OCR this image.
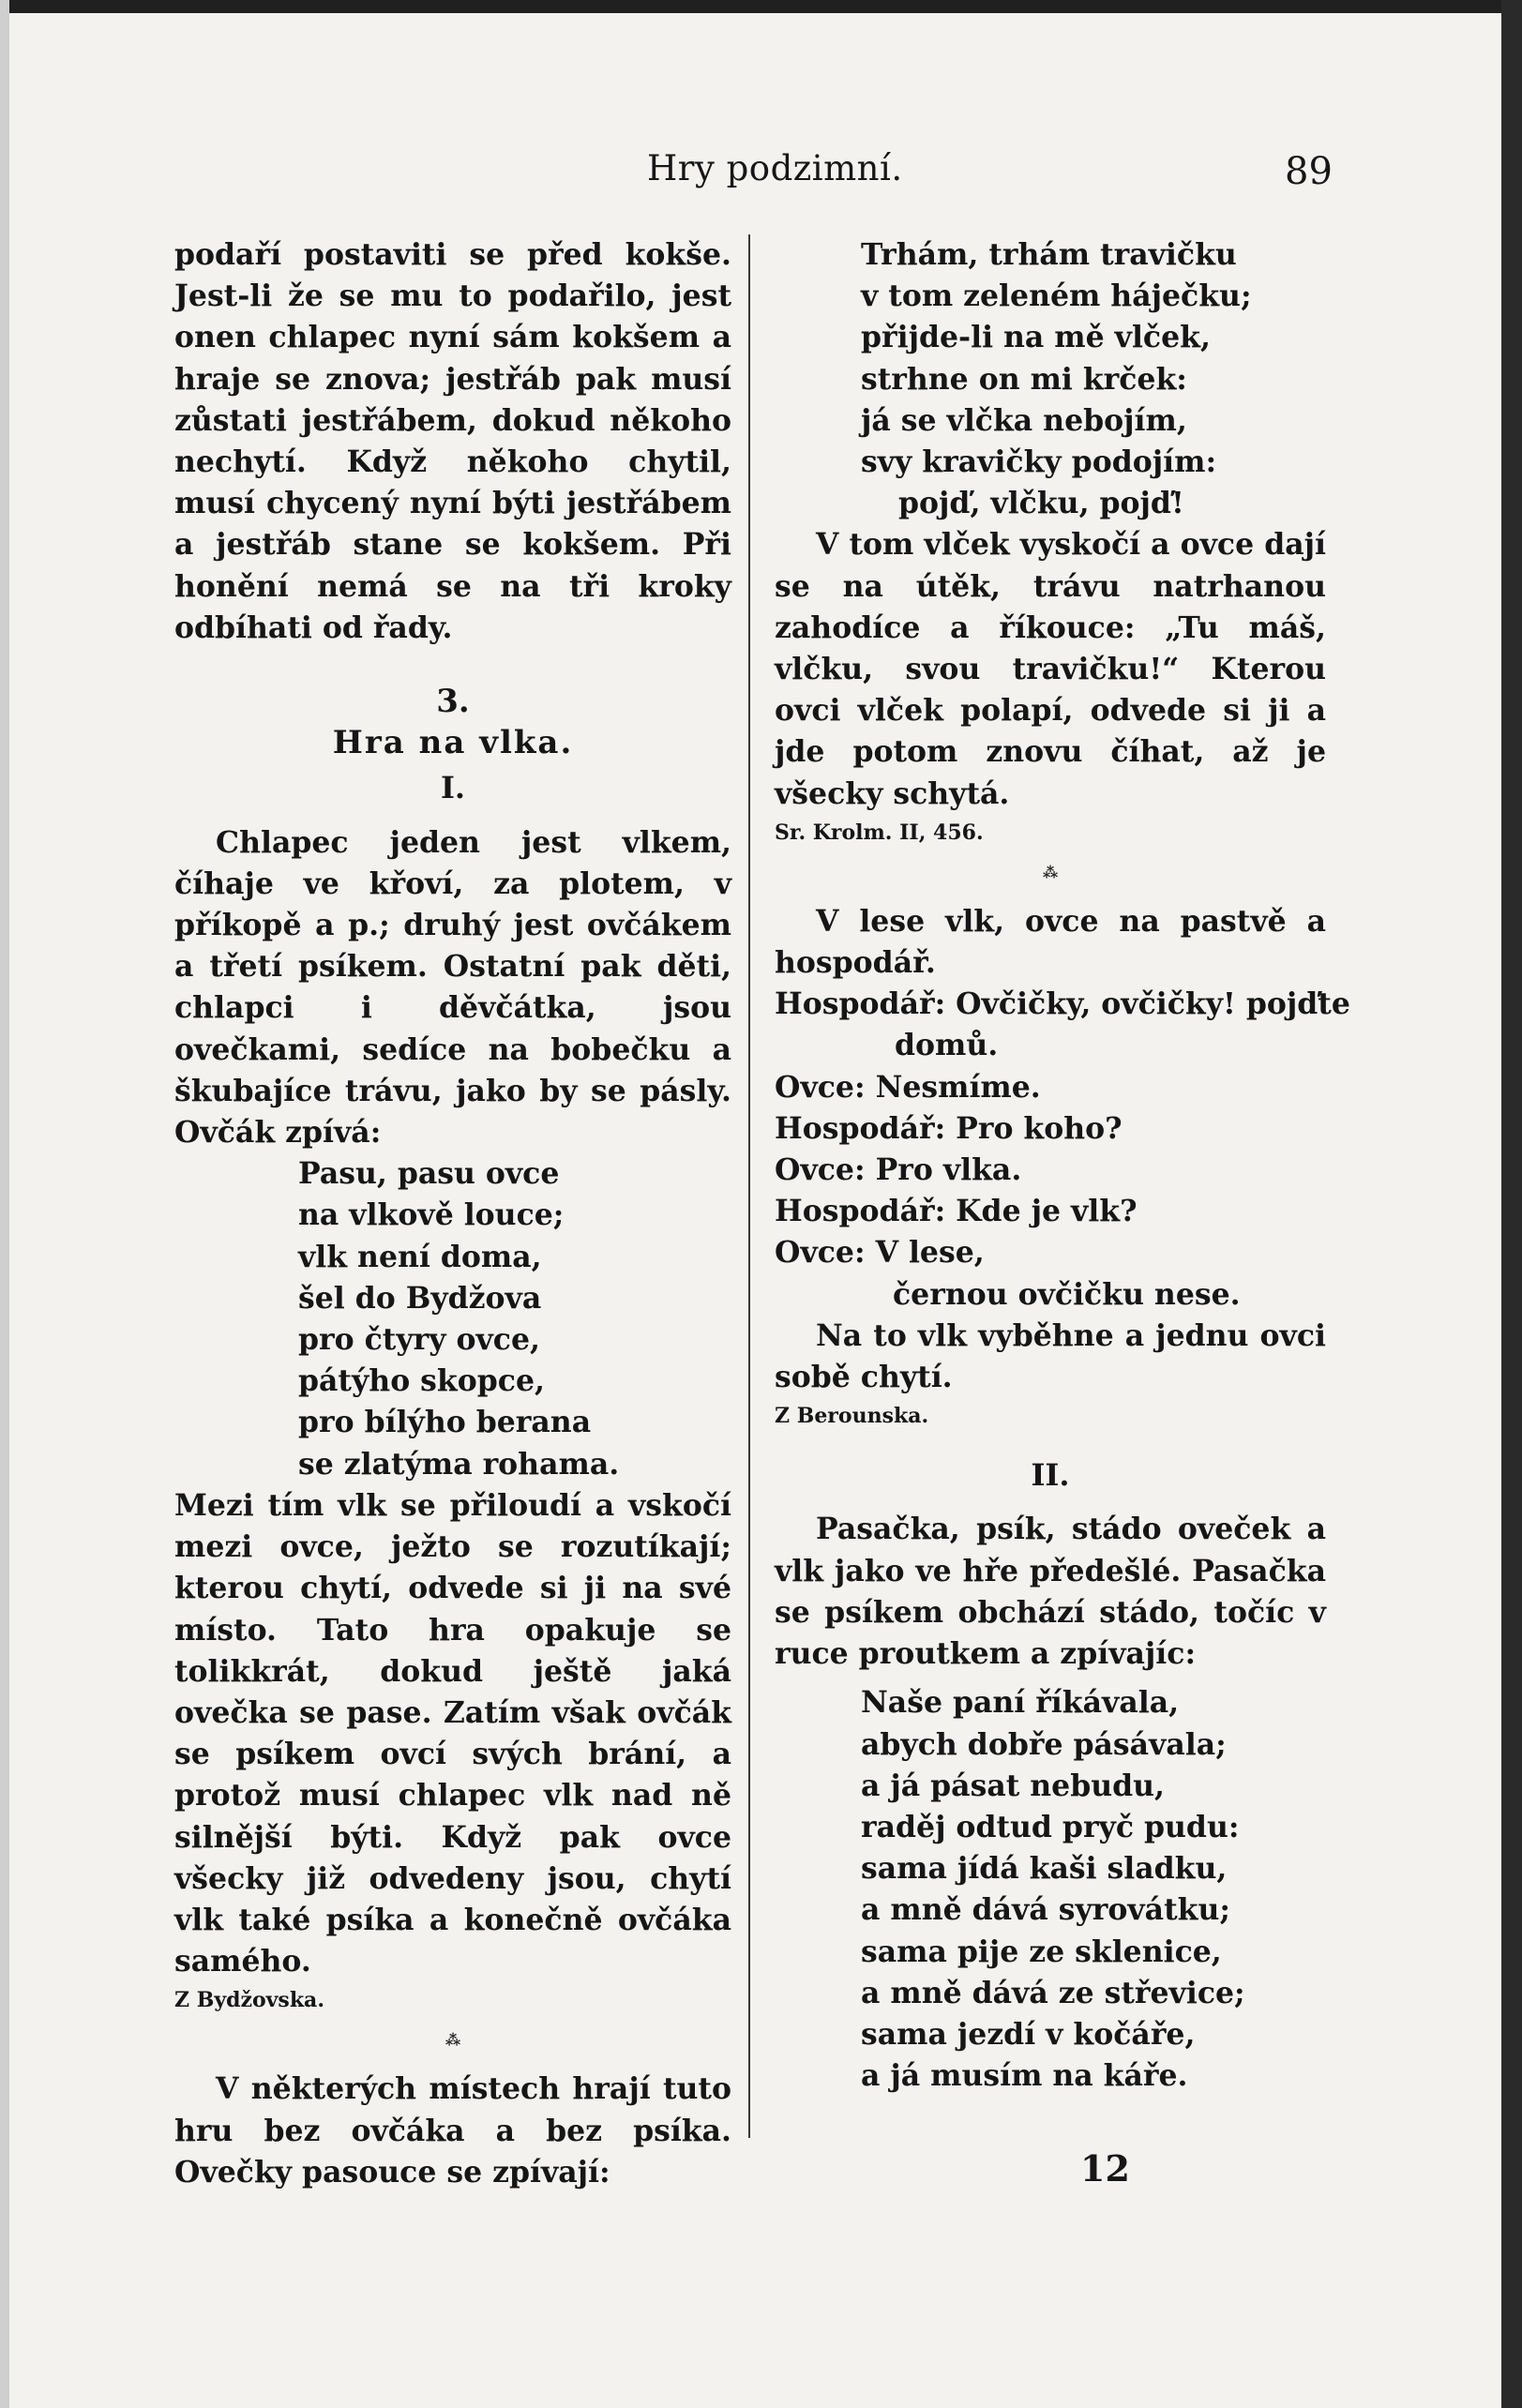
Hry podzimní.	89

podaří postaviti se před kokše. Jest-li že se mu to podařilo, jest onen chlapec nyní sám kokšem a hraje se znova; jestřáb pak musí zůstati jestřábem, dokud někoho nechytí. Když někoho chytil, musí chycený nyní býti jestřábem a jestřáb stane se kokšem. Při honění nemá se na tři kroky odbíhati od řady.

3.

Hra na vlka.

I.

Chlapec jeden jest vlkem, číhaje ve křoví, za plotem, v příkopě a p.; druhý jest ovčákem a třetí psíkem. Ostatní pak děti, chlapci i děvčátka, jsou ovečkami, sedíce na bobečku a škubajíce trávu, jako by se pásly. Ovčák zpívá:

Pasu, pasu ovce
na vlkově louce;
vlk není doma,
šel do Bydžova
pro čtyry ovce,
pátýho skopce,
pro bílýho berana
se zlatýma rohama.

Mezi tím vlk se přiloudí a vskočí mezi ovce, ježto se rozutíkají; kterou chytí, odvede si ji na své místo. Tato hra opakuje se tolikkrát, dokud ještě jaká ovečka se pase. Zatím však ovčák se psíkem ovcí svých brání, a protož musí chlapec vlk nad ně silnější býti. Když pak ovce všecky již odvedeny jsou, chytí vlk také psíka a konečně ovčáka samého.

Z Bydžovska.

⁂

V některých místech hrají tuto hru bez ovčáka a bez psíka. Ovečky pasouce se zpívají:

Trhám, trhám travičku
v tom zeleném háječku;
přijde-li na mě vlček,
strhne on mi krček:
já se vlčka nebojím,
svy kravičky podojím:
pojď, vlčku, pojď!

V tom vlček vyskočí a ovce dají se na útěk, trávu natrhanou zahodíce a říkouce: „Tu máš, vlčku, svou travičku!“ Kterou ovci vlček polapí, odvede si ji a jde potom znovu číhat, až je všecky schytá.

Sr. Krolm. II, 456.

⁂

V lese vlk, ovce na pastvě a hospodář.

Hospodář: Ovčičky, ovčičky! pojďte
domů.
Ovce: Nesmíme.
Hospodář: Pro koho?
Ovce: Pro vlka.
Hospodář: Kde je vlk?
Ovce: V lese,
černou ovčičku nese.

Na to vlk vyběhne a jednu ovci sobě chytí.

Z Berounska.

II.

Pasačka, psík, stádo oveček a vlk jako ve hře předešlé. Pasačka se psíkem obchází stádo, točíc v ruce proutkem a zpívajíc:

Naše paní říkávala,
abych dobře pásávala;
a já pásat nebudu,
raděj odtud pryč pudu:
sama jídá kaši sladku,
a mně dává syrovátku;
sama pije ze sklenice,
a mně dává ze střevice;
sama jezdí v kočáře,
a já musím na káře.
12
